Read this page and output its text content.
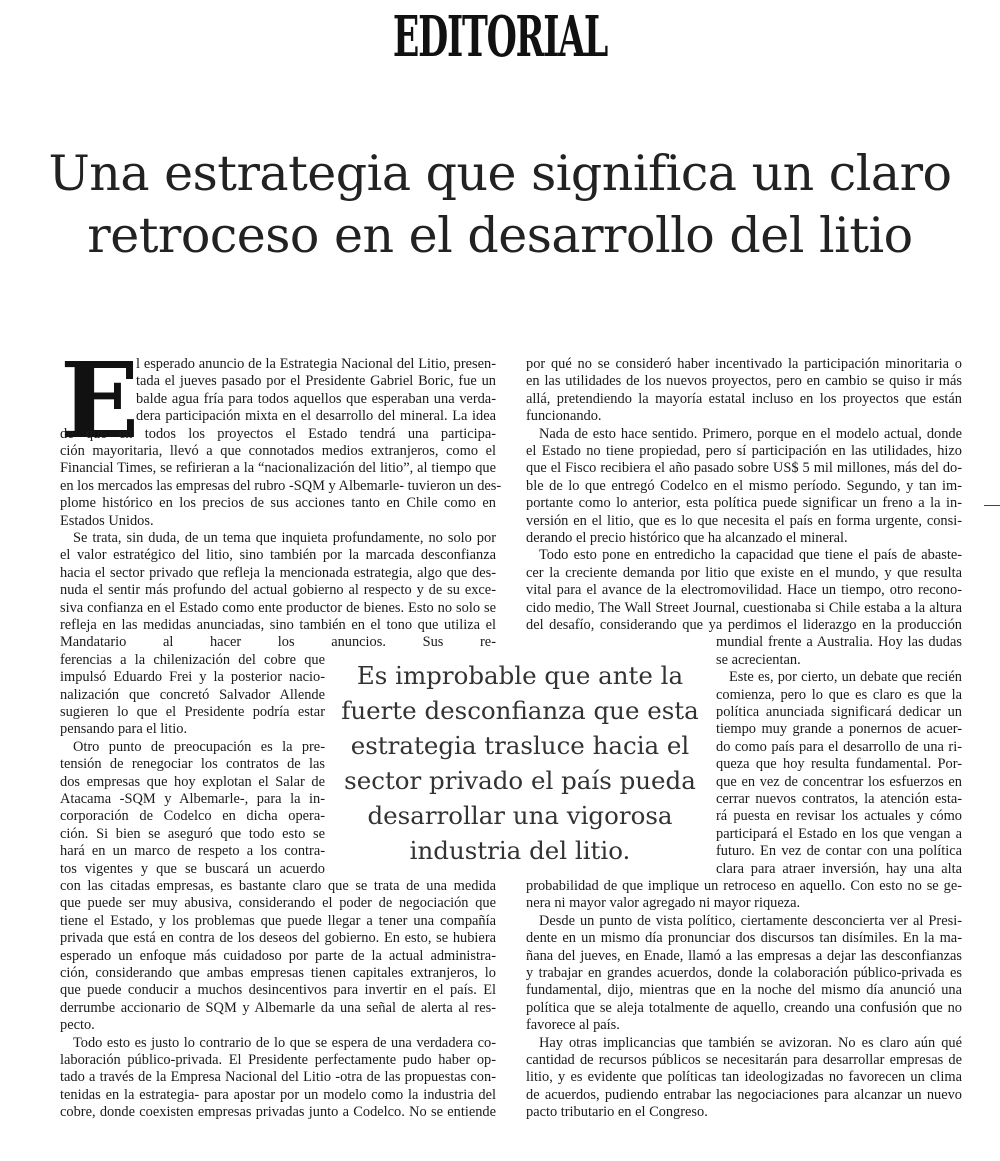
EDITORIAL
Una estrategia que significa un claro
retroceso en el desarrollo del litio
E
l esperado anuncio de la Estrategia Nacional del Litio, presen-
tada el jueves pasado por el Presidente Gabriel Boric, fue un
balde agua fría para todos aquellos que esperaban una verda-
dera participación mixta en el desarrollo del mineral. La idea
de que en todos los proyectos el Estado tendrá una participa-
ción mayoritaria, llevó a que connotados medios extranjeros, como el
Financial Times, se refirieran a la “nacionalización del litio”, al tiempo que
en los mercados las empresas del rubro -SQM y Albemarle- tuvieron un des-
plome histórico en los precios de sus acciones tanto en Chile como en
Estados Unidos.
Se trata, sin duda, de un tema que inquieta profundamente, no solo por
el valor estratégico del litio, sino también por la marcada desconfianza
hacia el sector privado que refleja la mencionada estrategia, algo que des-
nuda el sentir más profundo del actual gobierno al respecto y de su exce-
siva confianza en el Estado como ente productor de bienes. Esto no solo se
refleja en las medidas anunciadas, sino también en el tono que utiliza el
Mandatario al hacer los anuncios. Sus re-
ferencias a la chilenización del cobre que
impulsó Eduardo Frei y la posterior nacio-
nalización que concretó Salvador Allende
sugieren lo que el Presidente podría estar
pensando para el litio.
Otro punto de preocupación es la pre-
tensión de renegociar los contratos de las
dos empresas que hoy explotan el Salar de
Atacama -SQM y Albemarle-, para la in-
corporación de Codelco en dicha opera-
ción. Si bien se aseguró que todo esto se
hará en un marco de respeto a los contra-
tos vigentes y que se buscará un acuerdo
con las citadas empresas, es bastante claro que se trata de una medida
que puede ser muy abusiva, considerando el poder de negociación que
tiene el Estado, y los problemas que puede llegar a tener una compañía
privada que está en contra de los deseos del gobierno. En esto, se hubiera
esperado un enfoque más cuidadoso por parte de la actual administra-
ción, considerando que ambas empresas tienen capitales extranjeros, lo
que puede conducir a muchos desincentivos para invertir en el país. El
derrumbe accionario de SQM y Albemarle da una señal de alerta al res-
pecto.
Todo esto es justo lo contrario de lo que se espera de una verdadera co-
laboración público-privada. El Presidente perfectamente pudo haber op-
tado a través de la Empresa Nacional del Litio -otra de las propuestas con-
tenidas en la estrategia- para apostar por un modelo como la industria del
cobre, donde coexisten empresas privadas junto a Codelco. No se entiende
por qué no se consideró haber incentivado la participación minoritaria o
en las utilidades de los nuevos proyectos, pero en cambio se quiso ir más
allá, pretendiendo la mayoría estatal incluso en los proyectos que están
funcionando.
Nada de esto hace sentido. Primero, porque en el modelo actual, donde
el Estado no tiene propiedad, pero sí participación en las utilidades, hizo
que el Fisco recibiera el año pasado sobre US$ 5 mil millones, más del do-
ble de lo que entregó Codelco en el mismo período. Segundo, y tan im-
portante como lo anterior, esta política puede significar un freno a la in-
versión en el litio, que es lo que necesita el país en forma urgente, consi-
derando el precio histórico que ha alcanzado el mineral.
Todo esto pone en entredicho la capacidad que tiene el país de abaste-
cer la creciente demanda por litio que existe en el mundo, y que resulta
vital para el avance de la electromovilidad. Hace un tiempo, otro recono-
cido medio, The Wall Street Journal, cuestionaba si Chile estaba a la altura
del desafío, considerando que ya perdimos el liderazgo en la producción
mundial frente a Australia. Hoy las dudas
se acrecientan.
Este es, por cierto, un debate que recién
comienza, pero lo que es claro es que la
política anunciada significará dedicar un
tiempo muy grande a ponernos de acuer-
do como país para el desarrollo de una ri-
queza que hoy resulta fundamental. Por-
que en vez de concentrar los esfuerzos en
cerrar nuevos contratos, la atención esta-
rá puesta en revisar los actuales y cómo
participará el Estado en los que vengan a
futuro. En vez de contar con una política
clara para atraer inversión, hay una alta
probabilidad de que implique un retroceso en aquello. Con esto no se ge-
nera ni mayor valor agregado ni mayor riqueza.
Desde un punto de vista político, ciertamente desconcierta ver al Presi-
dente en un mismo día pronunciar dos discursos tan disímiles. En la ma-
ñana del jueves, en Enade, llamó a las empresas a dejar las desconfianzas
y trabajar en grandes acuerdos, donde la colaboración público-privada es
fundamental, dijo, mientras que en la noche del mismo día anunció una
política que se aleja totalmente de aquello, creando una confusión que no
favorece al país.
Hay otras implicancias que también se avizoran. No es claro aún qué
cantidad de recursos públicos se necesitarán para desarrollar empresas de
litio, y es evidente que políticas tan ideologizadas no favorecen un clima
de acuerdos, pudiendo entrabar las negociaciones para alcanzar un nuevo
pacto tributario en el Congreso.
Es improbable que ante la
fuerte desconfianza que esta
estrategia trasluce hacia el
sector privado el país pueda
desarrollar una vigorosa
industria del litio.
